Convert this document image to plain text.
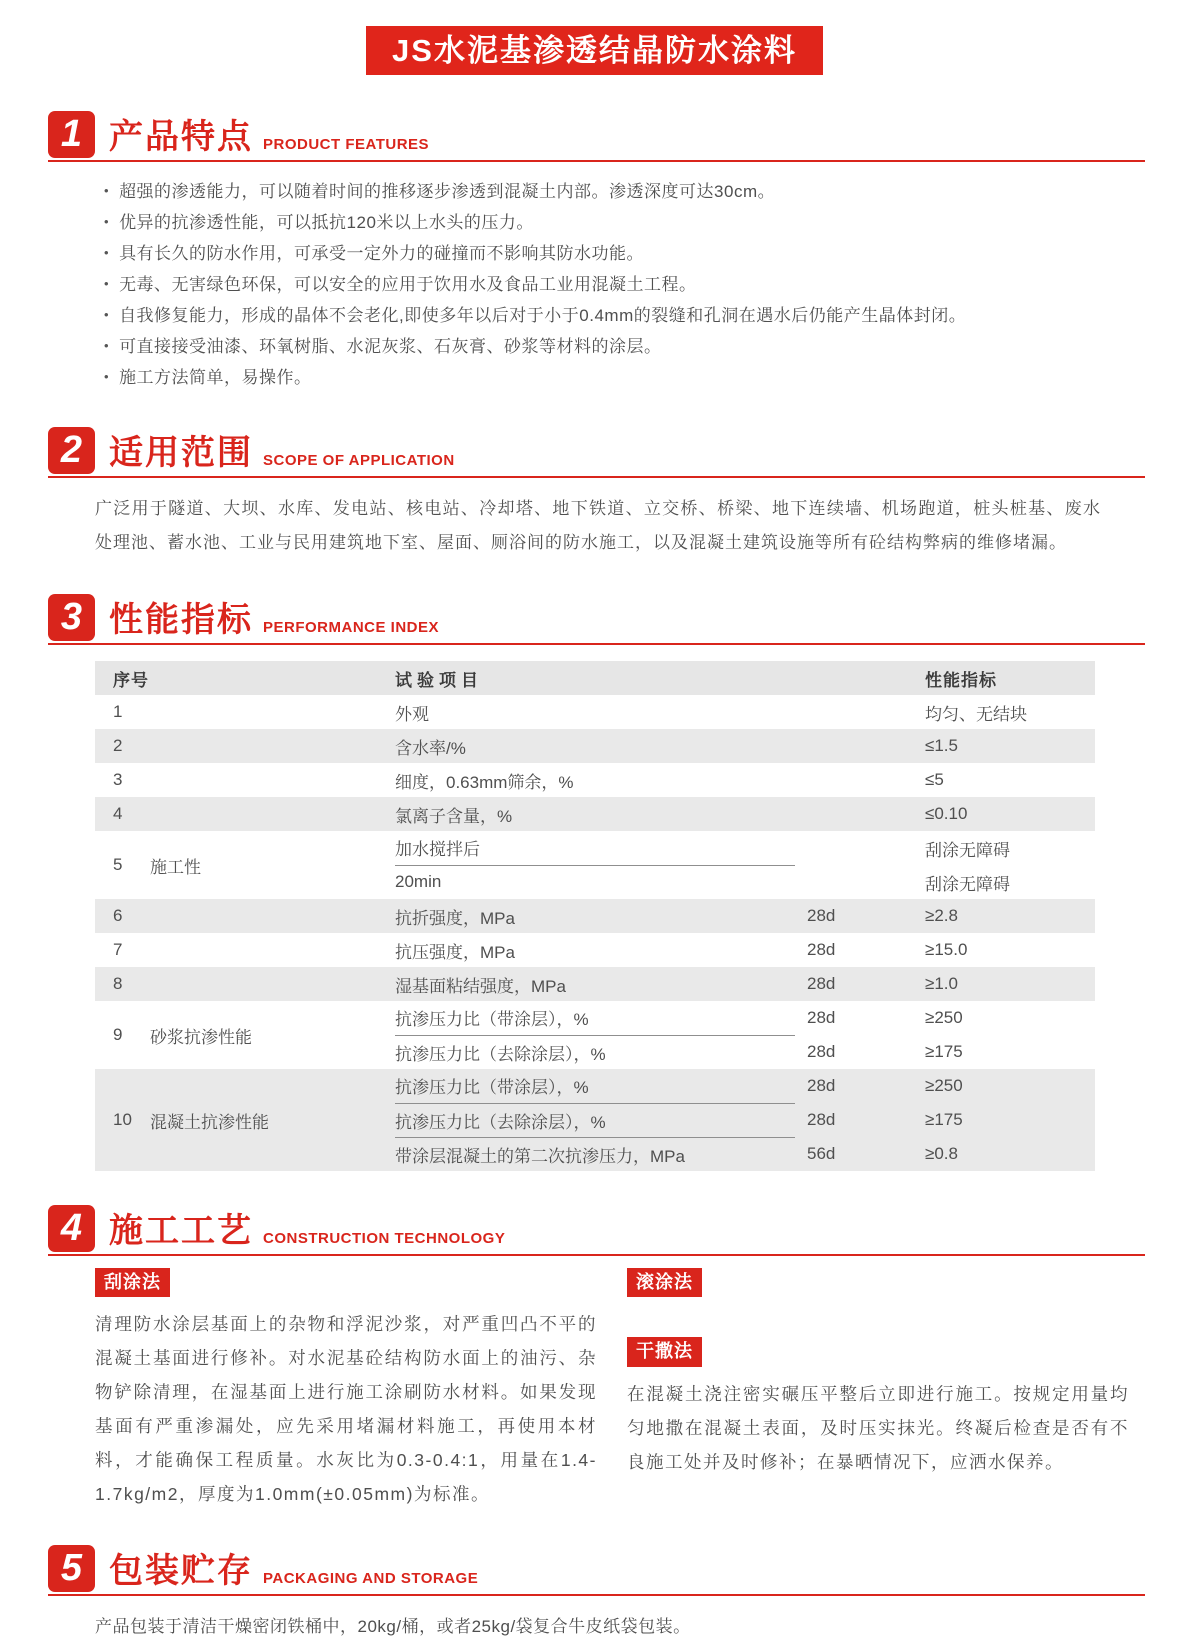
JS水泥基渗透结晶防水涂料
1 产品特点 PRODUCT FEATURES
• 超强的渗透能力，可以随着时间的推移逐步渗透到混凝土内部。渗透深度可达30cm。
• 优异的抗渗透性能，可以抵抗120米以上水头的压力。
• 具有长久的防水作用，可承受一定外力的碰撞而不影响其防水功能。
• 无毒、无害绿色环保，可以安全的应用于饮用水及食品工业用混凝土工程。
• 自我修复能力，形成的晶体不会老化,即使多年以后对于小于0.4mm的裂缝和孔洞在遇水后仍能产生晶体封闭。
• 可直接接受油漆、环氧树脂、水泥灰浆、石灰膏、砂浆等材料的涂层。
• 施工方法简单，易操作。
2 适用范围 SCOPE OF APPLICATION

广泛用于隧道、大坝、水库、发电站、核电站、冷却塔、地下铁道、立交桥、桥梁、地下连续墙、机场跑道，桩头桩基、废水处理池、蓄水池、工业与民用建筑地下室、屋面、厕浴间的防水施工，以及混凝土建筑设施等所有砼结构弊病的维修堵漏。

3 性能指标 PERFORMANCE INDEX
序号		试验项目		性能指标
1		外观		均匀、无结块
2		含水率/%		≤1.5
3		细度，0.63mm筛余，%		≤5
4		氯离子含量，%		≤0.10
5	施工性	加水搅拌后		刮涂无障碍
		20min		刮涂无障碍
6		抗折强度，MPa	28d	≥2.8
7		抗压强度，MPa	28d	≥15.0
8		湿基面粘结强度，MPa	28d	≥1.0
9	砂浆抗渗性能	抗渗压力比（带涂层），%	28d	≥250
		抗渗压力比（去除涂层），%	28d	≥175
10	混凝土抗渗性能	抗渗压力比（带涂层），%	28d	≥250
		抗渗压力比（去除涂层），%	28d	≥175
		带涂层混凝土的第二次抗渗压力，MPa	56d	≥0.8
4 施工工艺 CONSTRUCTION TECHNOLOGY
刮涂法

清理防水涂层基面上的杂物和浮泥沙浆，对严重凹凸不平的混凝土基面进行修补。对水泥基砼结构防水面上的油污、杂物铲除清理，在湿基面上进行施工涂刷防水材料。如果发现基面有严重渗漏处，应先采用堵漏材料施工，再使用本材料，才能确保工程质量。水灰比为0.3-0.4:1，用量在1.4-1.7kg/m2，厚度为1.0mm(±0.05mm)为标准。

滚涂法
干撒法

在混凝土浇注密实碾压平整后立即进行施工。按规定用量均匀地撒在混凝土表面，及时压实抹光。终凝后检查是否有不良施工处并及时修补；在暴晒情况下，应洒水保养。

5 包装贮存 PACKAGING AND STORAGE

产品包装于清洁干燥密闭铁桶中，20kg/桶，或者25kg/袋复合牛皮纸袋包装。
